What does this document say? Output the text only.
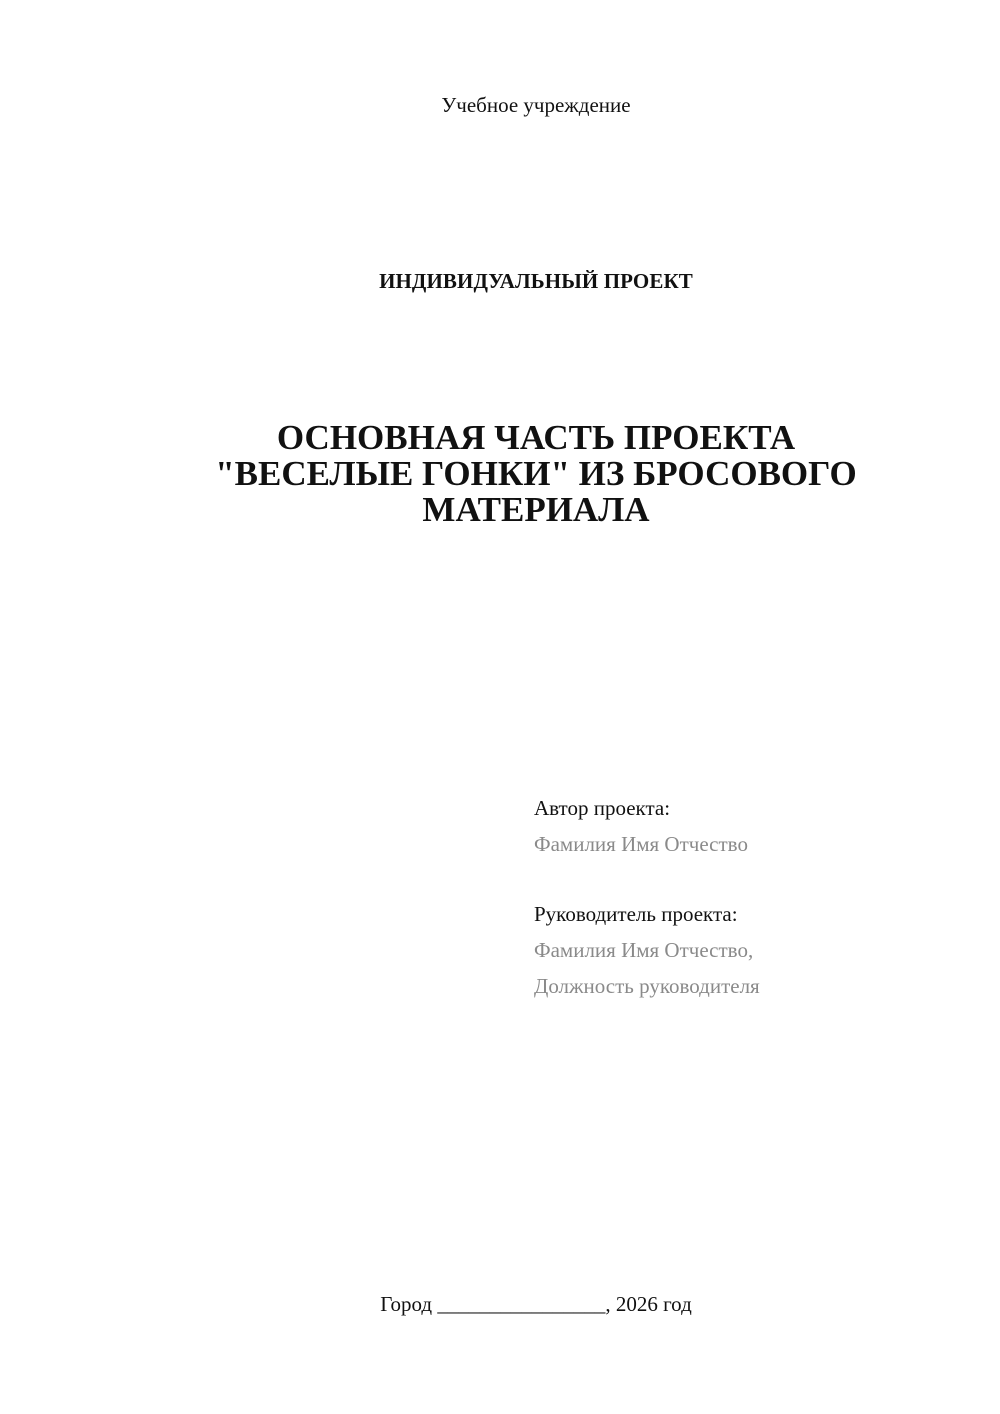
Учебное учреждение
ИНДИВИДУАЛЬНЫЙ ПРОЕКТ
ОСНОВНАЯ ЧАСТЬ ПРОЕКТА
"ВЕСЕЛЫЕ ГОНКИ" ИЗ БРОСОВОГО
МАТЕРИАЛА
Автор проекта:
Фамилия Имя Отчество
Руководитель проекта:
Фамилия Имя Отчество,
Должность руководителя
Город ________________, 2026 год
